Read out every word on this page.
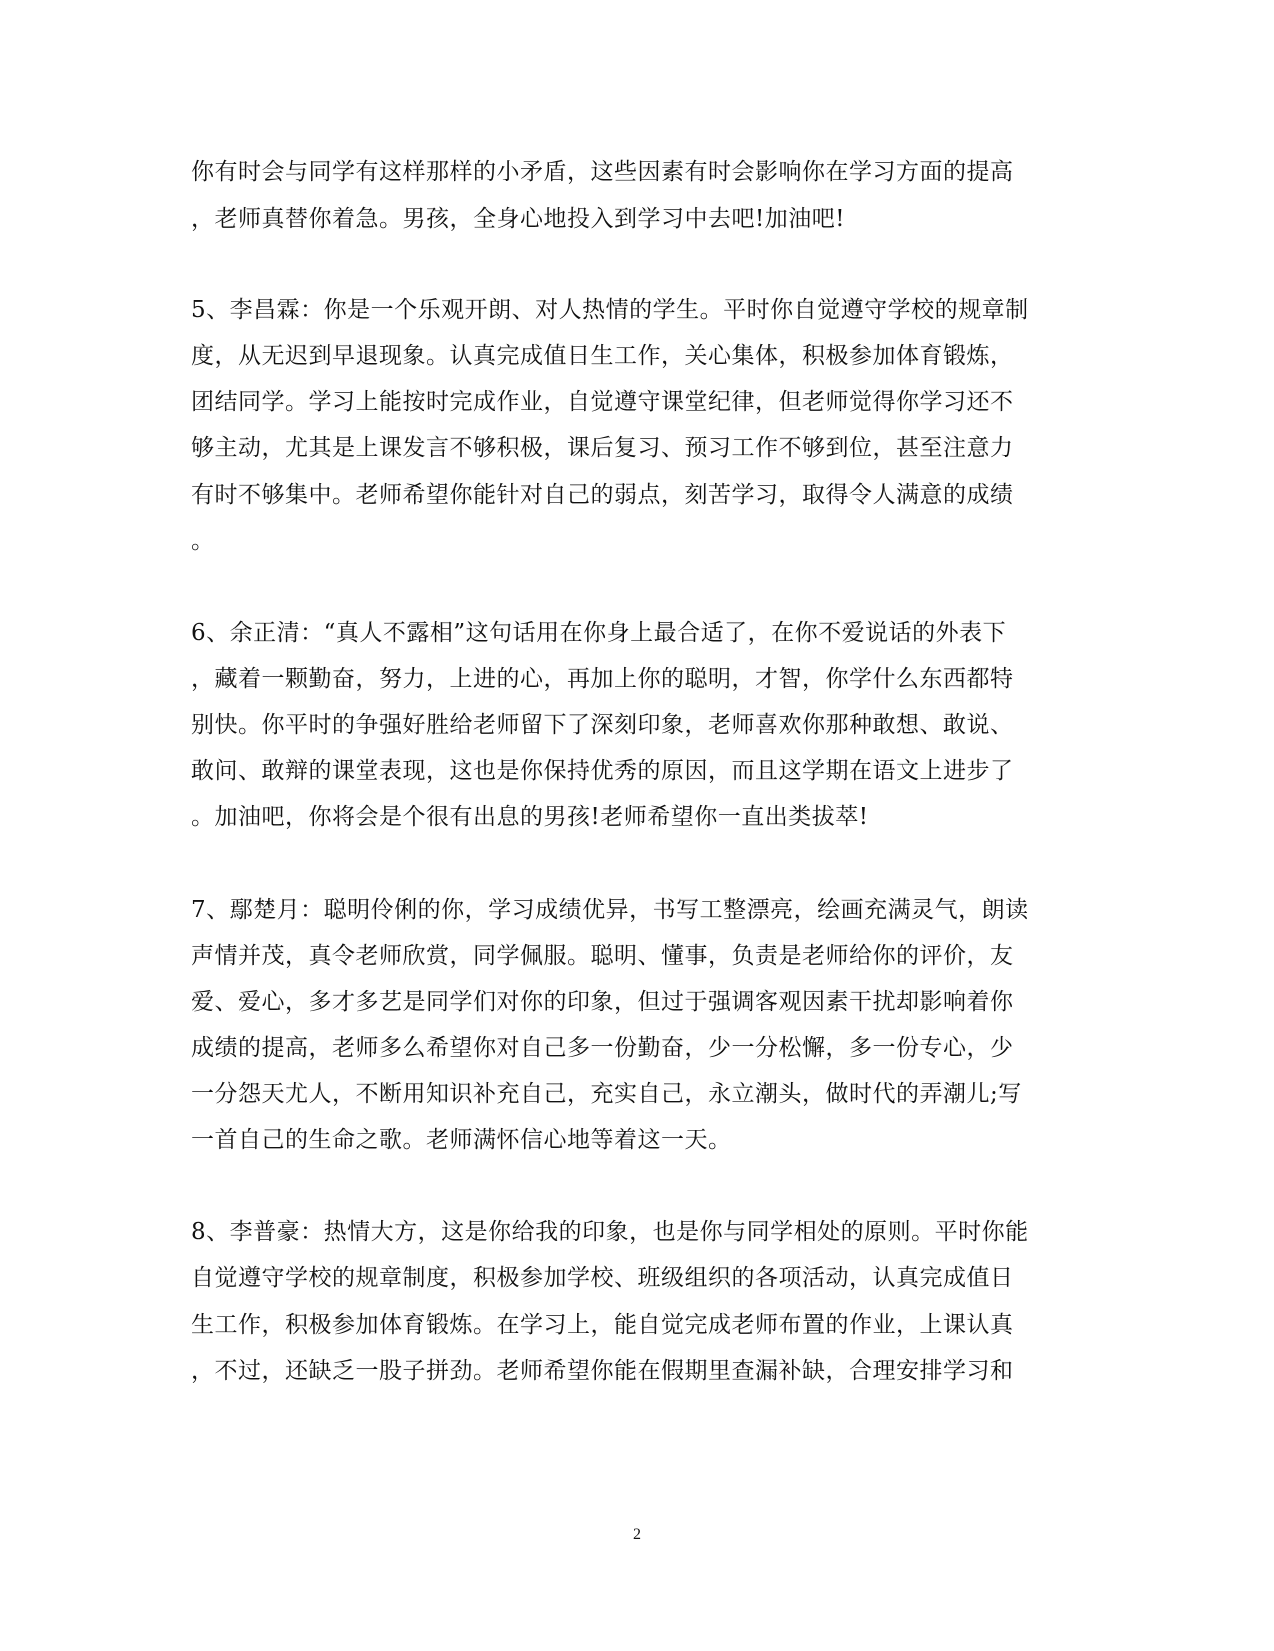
你有时会与同学有这样那样的小矛盾，这些因素有时会影响你在学习方面的提高
，老师真替你着急。男孩，全身心地投入到学习中去吧!加油吧!
5、李昌霖：你是一个乐观开朗、对人热情的学生。平时你自觉遵守学校的规章制
度，从无迟到早退现象。认真完成值日生工作，关心集体，积极参加体育锻炼，
团结同学。学习上能按时完成作业，自觉遵守课堂纪律，但老师觉得你学习还不
够主动，尤其是上课发言不够积极，课后复习、预习工作不够到位，甚至注意力
有时不够集中。老师希望你能针对自己的弱点，刻苦学习，取得令人满意的成绩
。
6、余正清：“真人不露相”这句话用在你身上最合适了，在你不爱说话的外表下
，藏着一颗勤奋，努力，上进的心，再加上你的聪明，才智，你学什么东西都特
别快。你平时的争强好胜给老师留下了深刻印象，老师喜欢你那种敢想、敢说、
敢问、敢辩的课堂表现，这也是你保持优秀的原因，而且这学期在语文上进步了
。加油吧，你将会是个很有出息的男孩!老师希望你一直出类拔萃!
7、鄢楚月：聪明伶俐的你，学习成绩优异，书写工整漂亮，绘画充满灵气，朗读
声情并茂，真令老师欣赏，同学佩服。聪明、懂事，负责是老师给你的评价，友
爱、爱心，多才多艺是同学们对你的印象，但过于强调客观因素干扰却影响着你
成绩的提高，老师多么希望你对自己多一份勤奋，少一分松懈，多一份专心，少
一分怨天尤人，不断用知识补充自己，充实自己，永立潮头，做时代的弄潮儿;写
一首自己的生命之歌。老师满怀信心地等着这一天。
8、李普豪：热情大方，这是你给我的印象，也是你与同学相处的原则。平时你能
自觉遵守学校的规章制度，积极参加学校、班级组织的各项活动，认真完成值日
生工作，积极参加体育锻炼。在学习上，能自觉完成老师布置的作业，上课认真
，不过，还缺乏一股子拼劲。老师希望你能在假期里查漏补缺，合理安排学习和
2
